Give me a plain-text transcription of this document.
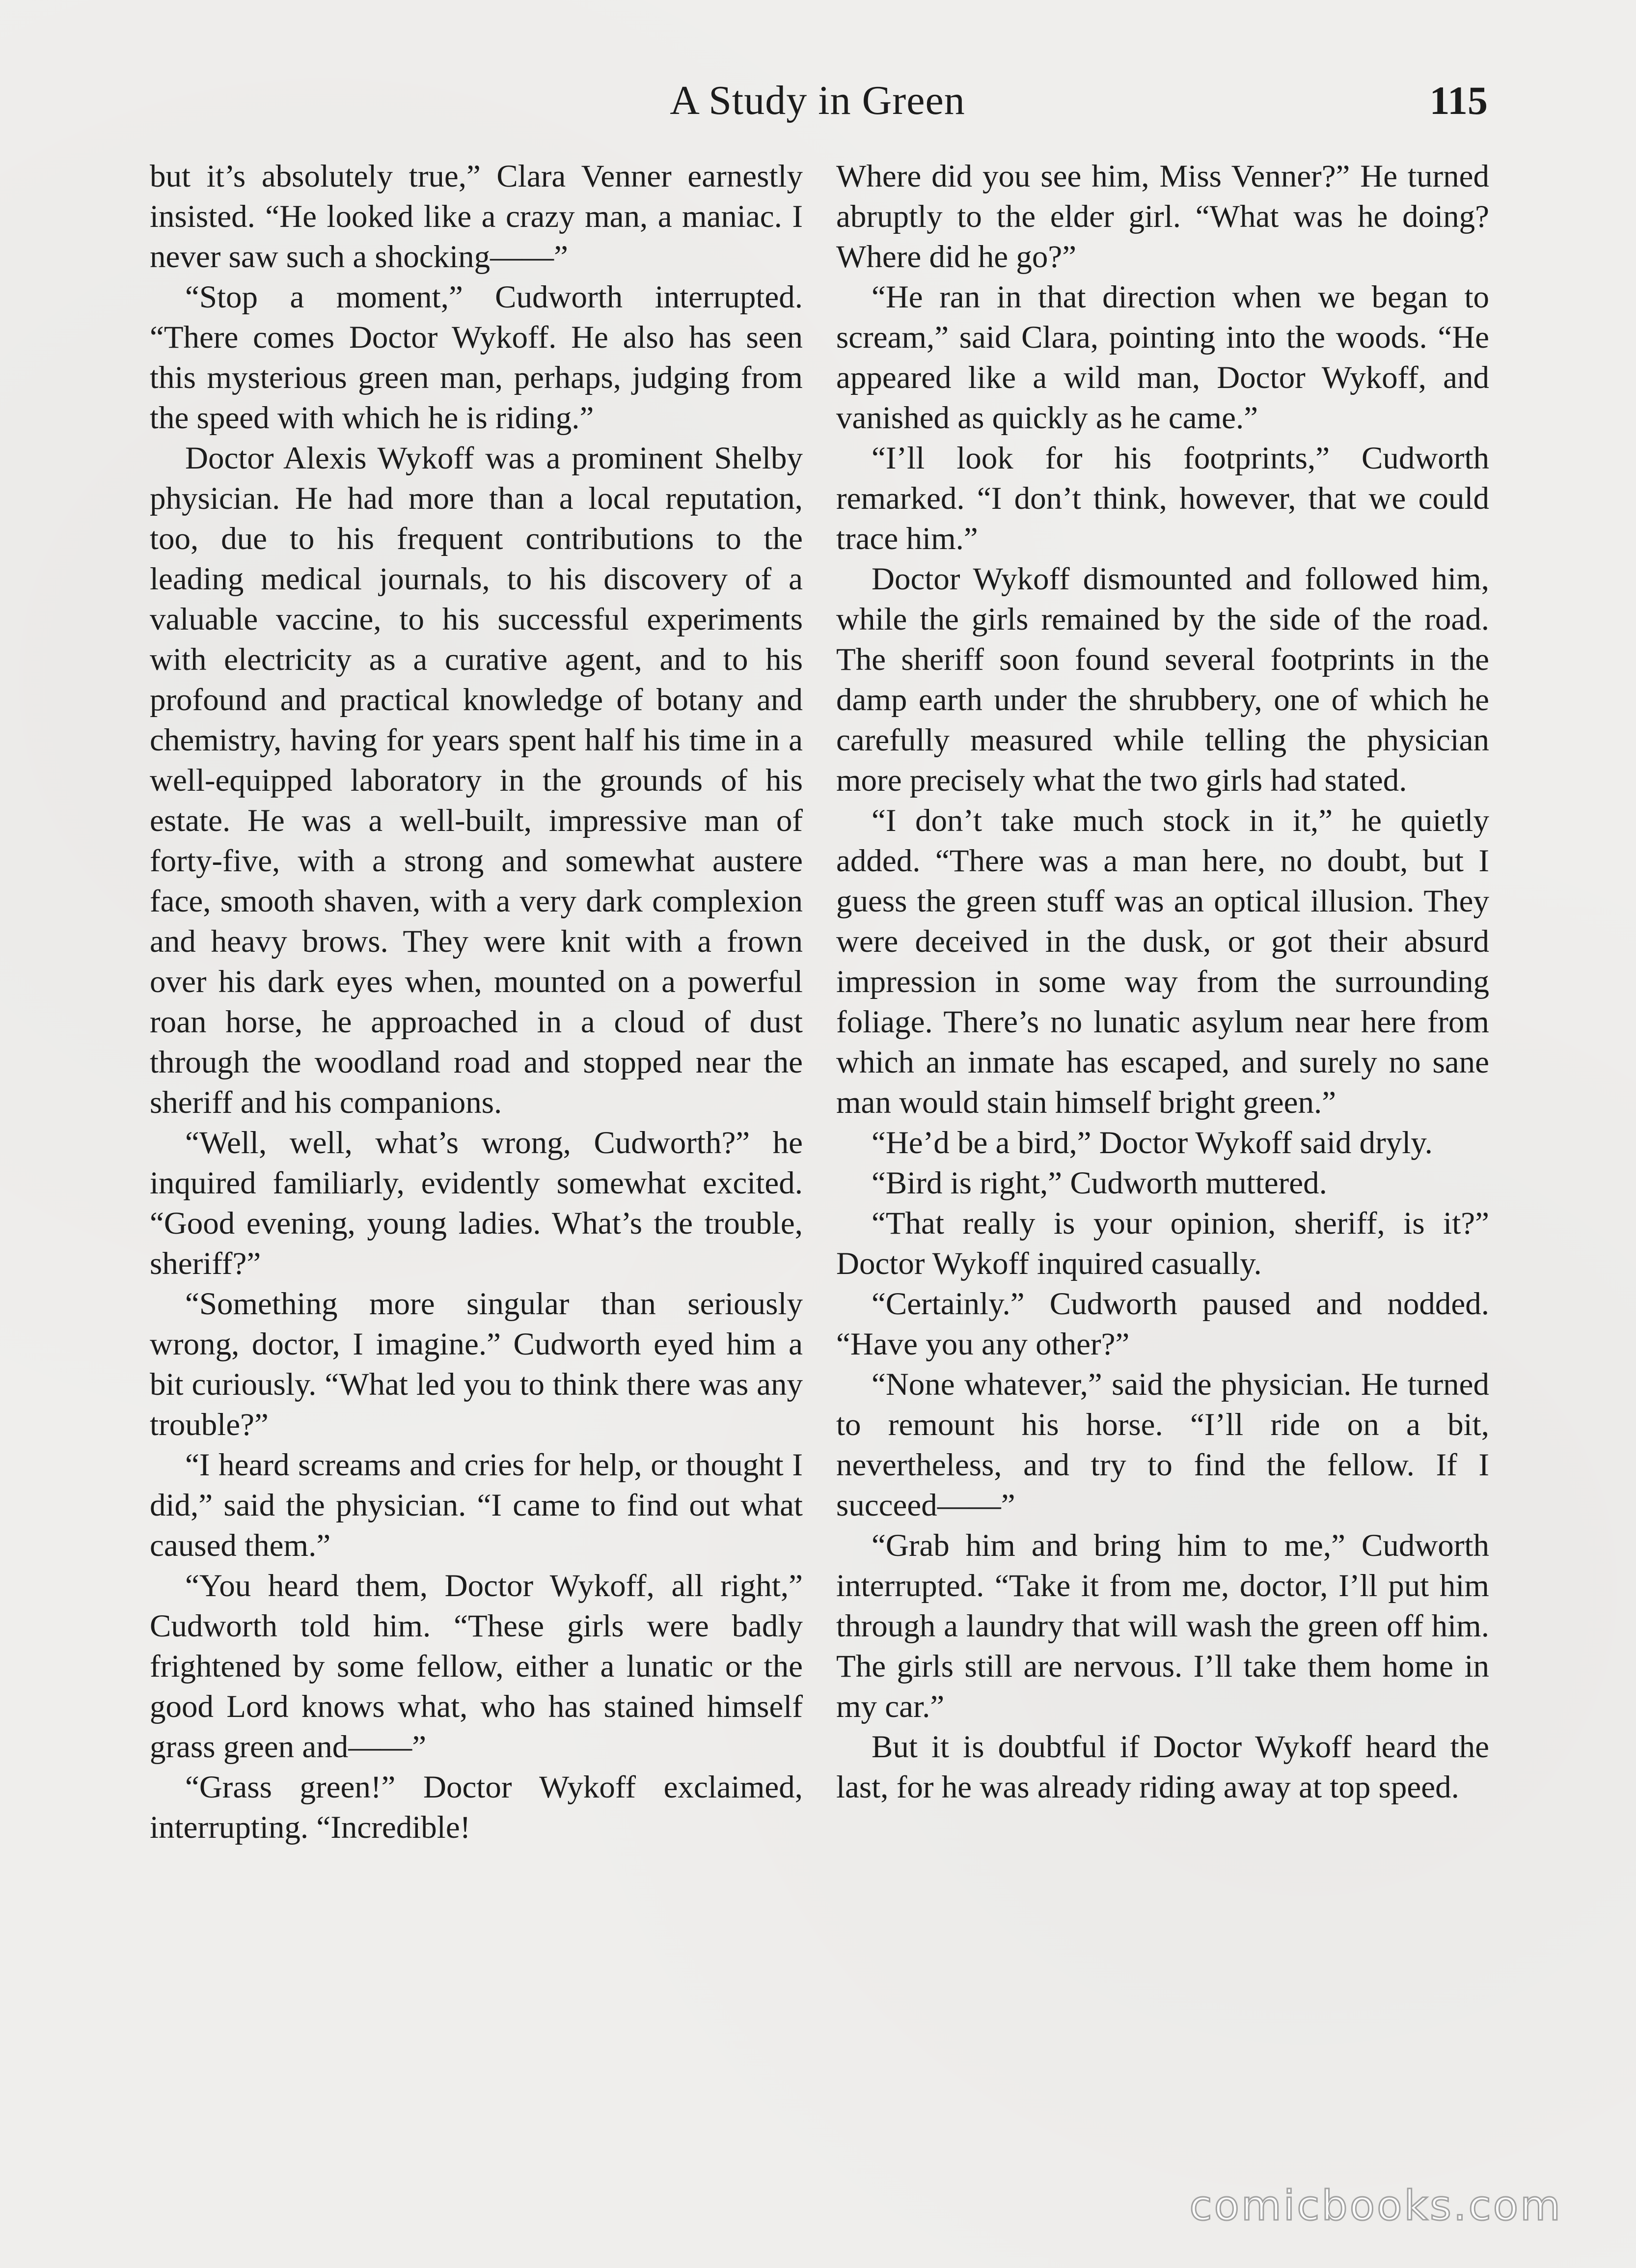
A Study in Green	115

but it’s absolutely true,” Clara Venner earnestly insisted. “He looked like a crazy man, a maniac. I never saw such a shocking——”

“Stop a moment,” Cudworth interrupted. “There comes Doctor Wykoff. He also has seen this mysterious green man, perhaps, judging from the speed with which he is riding.”

Doctor Alexis Wykoff was a prominent Shelby physician. He had more than a local reputation, too, due to his frequent contributions to the leading medical journals, to his discovery of a valuable vaccine, to his successful experiments with electricity as a curative agent, and to his profound and practical knowledge of botany and chemistry, having for years spent half his time in a well-equipped laboratory in the grounds of his estate. He was a well-built, impressive man of forty-five, with a strong and somewhat austere face, smooth shaven, with a very dark complexion and heavy brows. They were knit with a frown over his dark eyes when, mounted on a powerful roan horse, he approached in a cloud of dust through the woodland road and stopped near the sheriff and his companions.

“Well, well, what’s wrong, Cudworth?” he inquired familiarly, evidently somewhat excited. “Good evening, young ladies. What’s the trouble, sheriff?”

“Something more singular than seriously wrong, doctor, I imagine.” Cudworth eyed him a bit curiously. “What led you to think there was any trouble?”

“I heard screams and cries for help, or thought I did,” said the physician. “I came to find out what caused them.”

“You heard them, Doctor Wykoff, all right,” Cudworth told him. “These girls were badly frightened by some fellow, either a lunatic or the good Lord knows what, who has stained himself grass green and——”

“Grass green!” Doctor Wykoff exclaimed, interrupting. “Incredible!

Where did you see him, Miss Venner?” He turned abruptly to the elder girl. “What was he doing? Where did he go?”

“He ran in that direction when we began to scream,” said Clara, pointing into the woods. “He appeared like a wild man, Doctor Wykoff, and vanished as quickly as he came.”

“I’ll look for his footprints,” Cudworth remarked. “I don’t think, however, that we could trace him.”

Doctor Wykoff dismounted and followed him, while the girls remained by the side of the road. The sheriff soon found several footprints in the damp earth under the shrubbery, one of which he carefully measured while telling the physician more precisely what the two girls had stated.

“I don’t take much stock in it,” he quietly added. “There was a man here, no doubt, but I guess the green stuff was an optical illusion. They were deceived in the dusk, or got their absurd impression in some way from the surrounding foliage. There’s no lunatic asylum near here from which an inmate has escaped, and surely no sane man would stain himself bright green.”

“He’d be a bird,” Doctor Wykoff said dryly.

“Bird is right,” Cudworth muttered.

“That really is your opinion, sheriff, is it?” Doctor Wykoff inquired casually.

“Certainly.” Cudworth paused and nodded. “Have you any other?”

“None whatever,” said the physician. He turned to remount his horse. “I’ll ride on a bit, nevertheless, and try to find the fellow. If I succeed——”

“Grab him and bring him to me,” Cudworth interrupted. “Take it from me, doctor, I’ll put him through a laundry that will wash the green off him. The girls still are nervous. I’ll take them home in my car.”

But it is doubtful if Doctor Wykoff heard the last, for he was already riding away at top speed.

comicbooks.com
